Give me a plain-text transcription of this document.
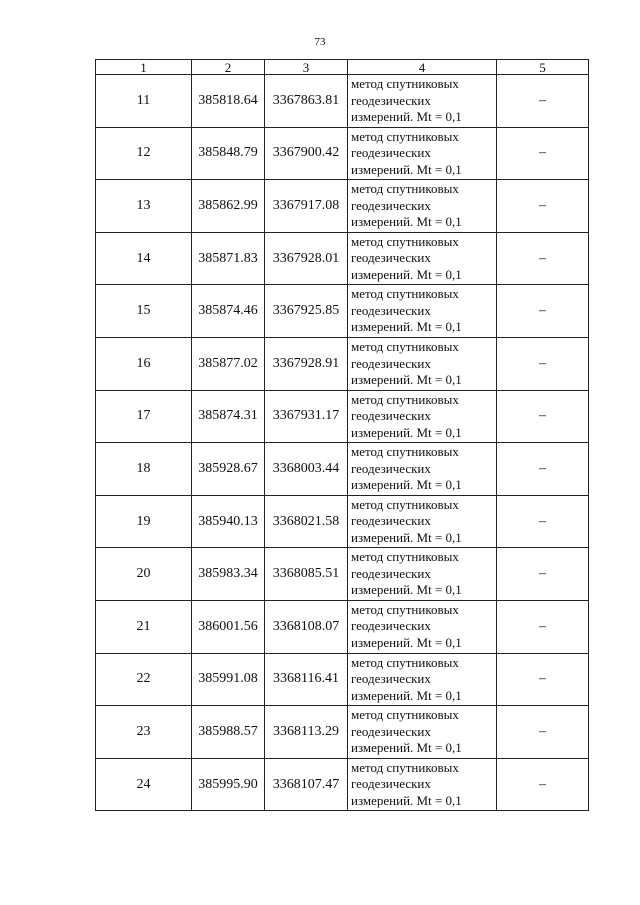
73
1	2	3	4	5
11	385818.64	3367863.81	метод спутниковых
геодезических
измерений. Mt = 0,1	–
12	385848.79	3367900.42	метод спутниковых
геодезических
измерений. Mt = 0,1	–
13	385862.99	3367917.08	метод спутниковых
геодезических
измерений. Mt = 0,1	–
14	385871.83	3367928.01	метод спутниковых
геодезических
измерений. Mt = 0,1	–
15	385874.46	3367925.85	метод спутниковых
геодезических
измерений. Mt = 0,1	–
16	385877.02	3367928.91	метод спутниковых
геодезических
измерений. Mt = 0,1	–
17	385874.31	3367931.17	метод спутниковых
геодезических
измерений. Mt = 0,1	–
18	385928.67	3368003.44	метод спутниковых
геодезических
измерений. Mt = 0,1	–
19	385940.13	3368021.58	метод спутниковых
геодезических
измерений. Mt = 0,1	–
20	385983.34	3368085.51	метод спутниковых
геодезических
измерений. Mt = 0,1	–
21	386001.56	3368108.07	метод спутниковых
геодезических
измерений. Mt = 0,1	–
22	385991.08	3368116.41	метод спутниковых
геодезических
измерений. Mt = 0,1	–
23	385988.57	3368113.29	метод спутниковых
геодезических
измерений. Mt = 0,1	–
24	385995.90	3368107.47	метод спутниковых
геодезических
измерений. Mt = 0,1	–
